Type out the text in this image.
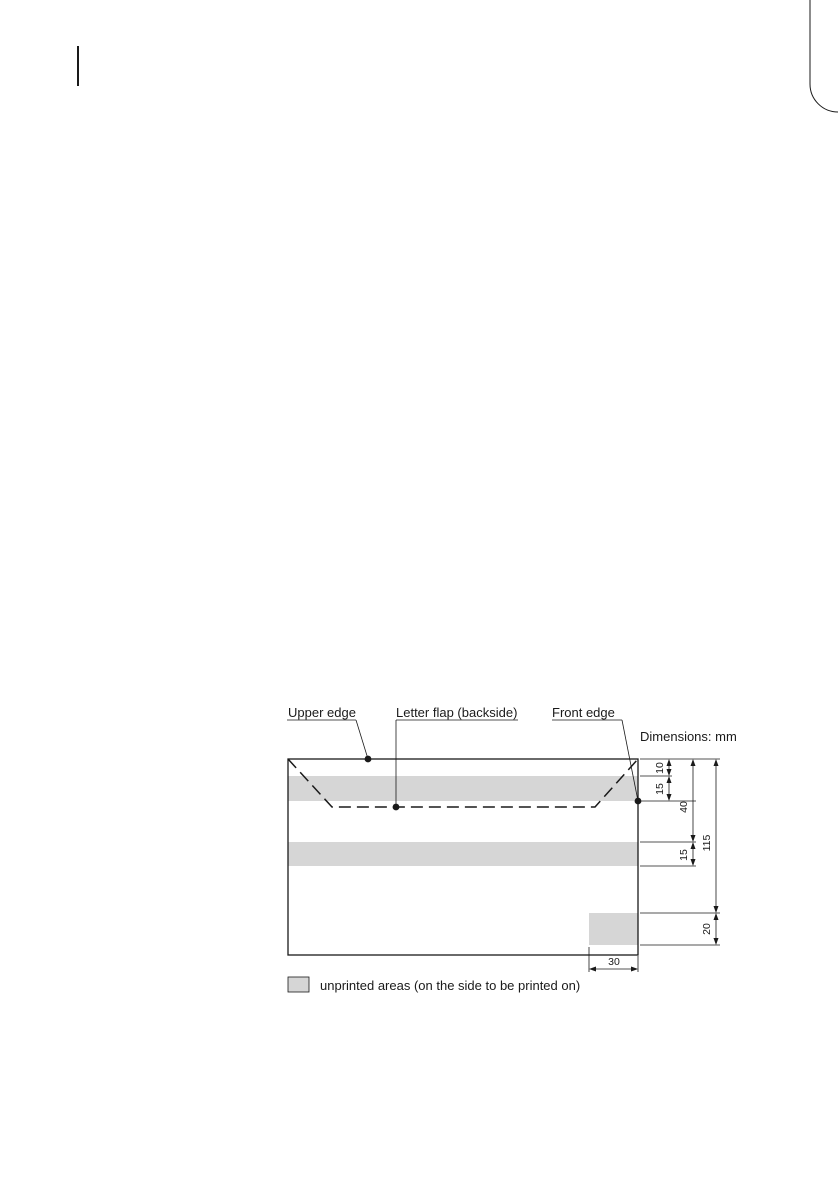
Upper edge	Letter flap (backside)	Front edge
Dimensions: mm
10
15
40
15
115
20
30
unprinted areas (on the side to be printed on)
